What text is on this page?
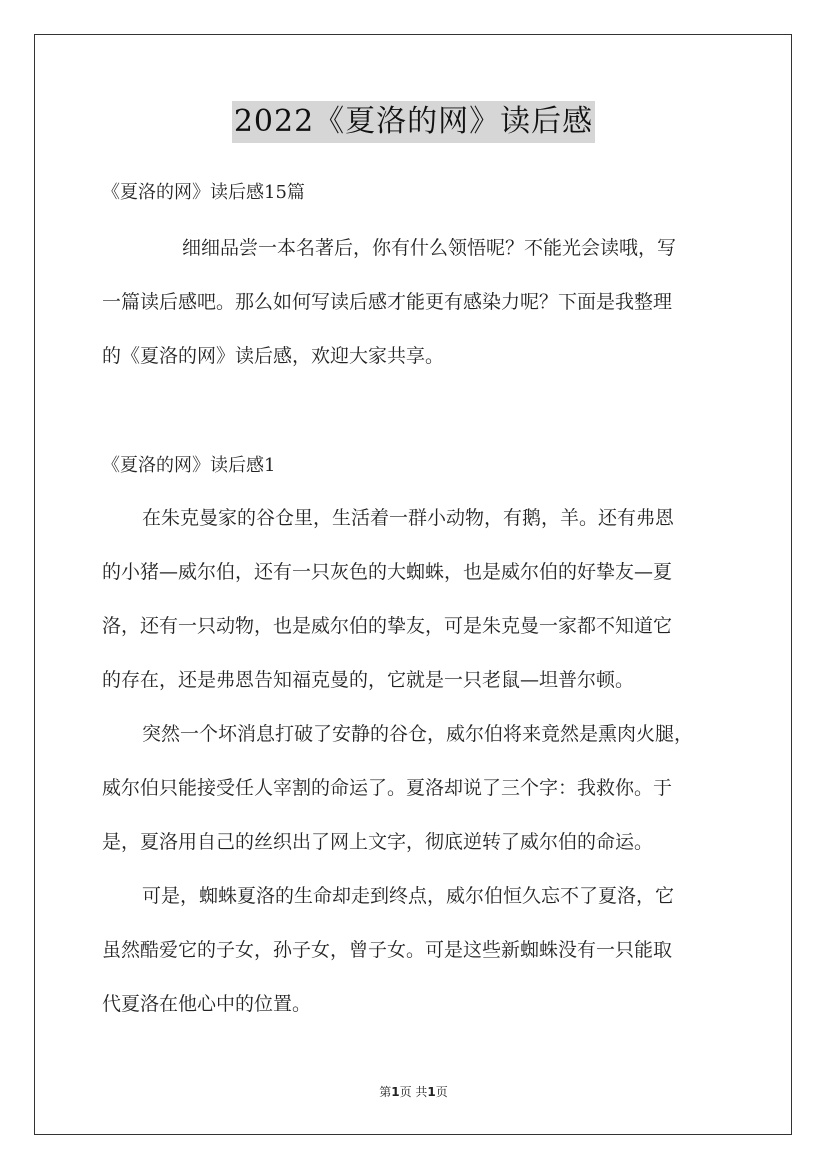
2022《夏洛的网》读后感
《夏洛的网》读后感15篇
细细品尝一本名著后，你有什么领悟呢？不能光会读哦，写
一篇读后感吧。那么如何写读后感才能更有感染力呢？下面是我整理
的《夏洛的网》读后感，欢迎大家共享。
《夏洛的网》读后感1
在朱克曼家的谷仓里，生活着一群小动物，有鹅，羊。还有弗恩
的小猪—威尔伯，还有一只灰色的大蜘蛛，也是威尔伯的好挚友—夏
洛，还有一只动物，也是威尔伯的挚友，可是朱克曼一家都不知道它
的存在，还是弗恩告知福克曼的，它就是一只老鼠—坦普尔顿。
突然一个坏消息打破了安静的谷仓，威尔伯将来竟然是熏肉火腿，
威尔伯只能接受任人宰割的命运了。夏洛却说了三个字：我救你。于
是，夏洛用自己的丝织出了网上文字，彻底逆转了威尔伯的命运。
可是，蜘蛛夏洛的生命却走到终点，威尔伯恒久忘不了夏洛，它
虽然酷爱它的子女，孙子女，曾子女。可是这些新蜘蛛没有一只能取
代夏洛在他心中的位置。
第1页 共1页
